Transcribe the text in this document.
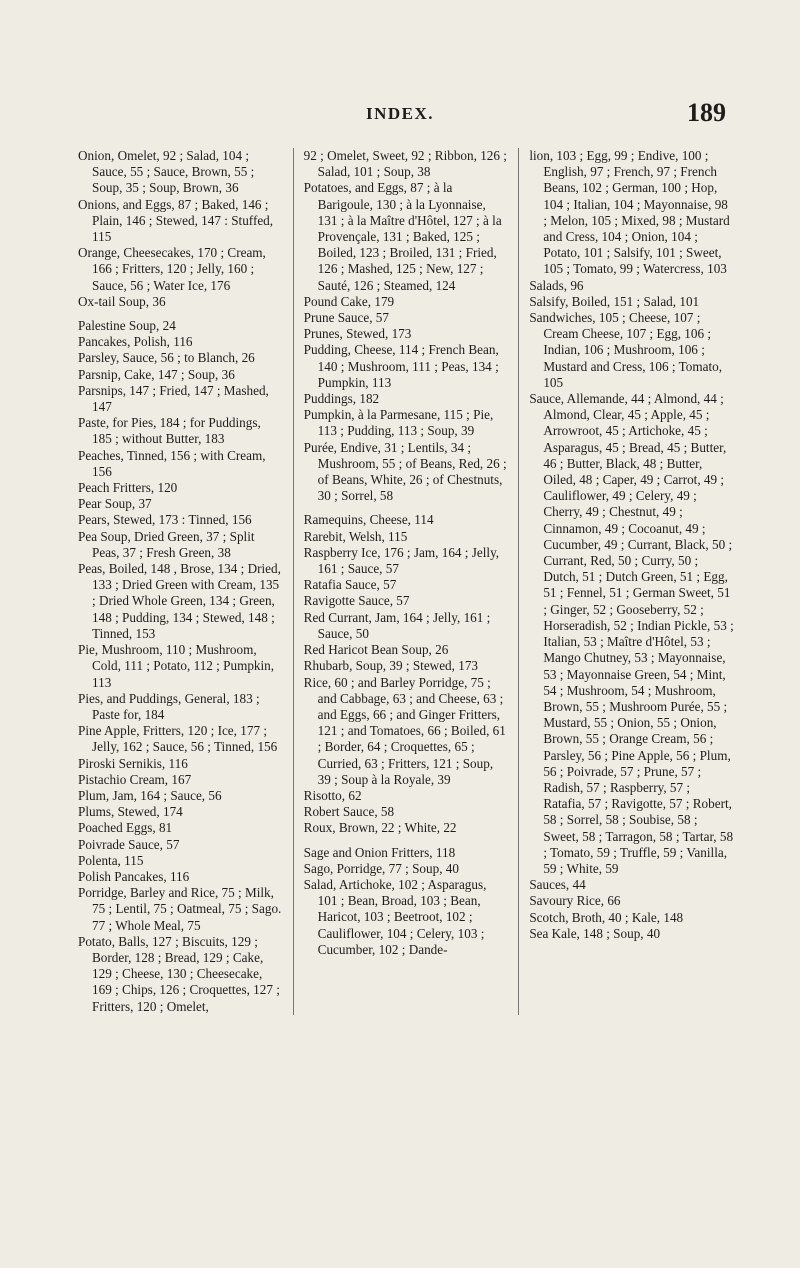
INDEX.	189

Onion, Omelet, 92 ; Salad, 104 ; Sauce, 55 ; Sauce, Brown, 55 ; Soup, 35 ; Soup, Brown, 36

Onions, and Eggs, 87 ; Baked, 146 ; Plain, 146 ; Stewed, 147 : Stuffed, 115

Orange, Cheesecakes, 170 ; Cream, 166 ; Fritters, 120 ; Jelly, 160 ; Sauce, 56 ; Water Ice, 176

Ox-tail Soup, 36

Palestine Soup, 24

Pancakes, Polish, 116

Parsley, Sauce, 56 ; to Blanch, 26

Parsnip, Cake, 147 ; Soup, 36

Parsnips, 147 ; Fried, 147 ; Mashed, 147

Paste, for Pies, 184 ; for Puddings, 185 ; without Butter, 183

Peaches, Tinned, 156 ; with Cream, 156

Peach Fritters, 120

Pear Soup, 37

Pears, Stewed, 173 : Tinned, 156

Pea Soup, Dried Green, 37 ; Split Peas, 37 ; Fresh Green, 38

Peas, Boiled, 148 , Brose, 134 ; Dried, 133 ; Dried Green with Cream, 135 ; Dried Whole Green, 134 ; Green, 148 ; Pudding, 134 ; Stewed, 148 ; Tinned, 153

Pie, Mushroom, 110 ; Mushroom, Cold, 111 ; Potato, 112 ; Pumpkin, 113

Pies, and Puddings, General, 183 ; Paste for, 184

Pine Apple, Fritters, 120 ; Ice, 177 ; Jelly, 162 ; Sauce, 56 ; Tinned, 156

Piroski Sernikis, 116

Pistachio Cream, 167

Plum, Jam, 164 ; Sauce, 56

Plums, Stewed, 174

Poached Eggs, 81

Poivrade Sauce, 57

Polenta, 115

Polish Pancakes, 116

Porridge, Barley and Rice, 75 ; Milk, 75 ; Lentil, 75 ; Oatmeal, 75 ; Sago. 77 ; Whole Meal, 75

Potato, Balls, 127 ; Biscuits, 129 ; Border, 128 ; Bread, 129 ; Cake, 129 ; Cheese, 130 ; Cheesecake, 169 ; Chips, 126 ; Croquettes, 127 ; Fritters, 120 ; Omelet,

92 ; Omelet, Sweet, 92 ; Ribbon, 126 ; Salad, 101 ; Soup, 38

Potatoes, and Eggs, 87 ; à la Barigoule, 130 ; à la Lyonnaise, 131 ; à la Maître d'Hôtel, 127 ; à la Provençale, 131 ; Baked, 125 ; Boiled, 123 ; Broiled, 131 ; Fried, 126 ; Mashed, 125 ; New, 127 ; Sauté, 126 ; Steamed, 124

Pound Cake, 179

Prune Sauce, 57

Prunes, Stewed, 173

Pudding, Cheese, 114 ; French Bean, 140 ; Mushroom, 111 ; Peas, 134 ; Pumpkin, 113

Puddings, 182

Pumpkin, à la Parmesane, 115 ; Pie, 113 ; Pudding, 113 ; Soup, 39

Purée, Endive, 31 ; Lentils, 34 ; Mushroom, 55 ; of Beans, Red, 26 ; of Beans, White, 26 ; of Chestnuts, 30 ; Sorrel, 58

Ramequins, Cheese, 114

Rarebit, Welsh, 115

Raspberry Ice, 176 ; Jam, 164 ; Jelly, 161 ; Sauce, 57

Ratafia Sauce, 57

Ravigotte Sauce, 57

Red Currant, Jam, 164 ; Jelly, 161 ; Sauce, 50

Red Haricot Bean Soup, 26

Rhubarb, Soup, 39 ; Stewed, 173

Rice, 60 ; and Barley Porridge, 75 ; and Cabbage, 63 ; and Cheese, 63 ; and Eggs, 66 ; and Ginger Fritters, 121 ; and Tomatoes, 66 ; Boiled, 61 ; Border, 64 ; Croquettes, 65 ; Curried, 63 ; Fritters, 121 ; Soup, 39 ; Soup à la Royale, 39

Risotto, 62

Robert Sauce, 58

Roux, Brown, 22 ; White, 22

Sage and Onion Fritters, 118

Sago, Porridge, 77 ; Soup, 40

Salad, Artichoke, 102 ; Asparagus, 101 ; Bean, Broad, 103 ; Bean, Haricot, 103 ; Beetroot, 102 ; Cauliflower, 104 ; Celery, 103 ; Cucumber, 102 ; Dande-

lion, 103 ; Egg, 99 ; Endive, 100 ; English, 97 ; French, 97 ; French Beans, 102 ; German, 100 ; Hop, 104 ; Italian, 104 ; Mayonnaise, 98 ; Melon, 105 ; Mixed, 98 ; Mustard and Cress, 104 ; Onion, 104 ; Potato, 101 ; Salsify, 101 ; Sweet, 105 ; Tomato, 99 ; Watercress, 103

Salads, 96

Salsify, Boiled, 151 ; Salad, 101

Sandwiches, 105 ; Cheese, 107 ; Cream Cheese, 107 ; Egg, 106 ; Indian, 106 ; Mushroom, 106 ; Mustard and Cress, 106 ; Tomato, 105

Sauce, Allemande, 44 ; Almond, 44 ; Almond, Clear, 45 ; Apple, 45 ; Arrowroot, 45 ; Artichoke, 45 ; Asparagus, 45 ; Bread, 45 ; Butter, 46 ; Butter, Black, 48 ; Butter, Oiled, 48 ; Caper, 49 ; Carrot, 49 ; Cauliflower, 49 ; Celery, 49 ; Cherry, 49 ; Chestnut, 49 ; Cinnamon, 49 ; Cocoanut, 49 ; Cucumber, 49 ; Currant, Black, 50 ; Currant, Red, 50 ; Curry, 50 ; Dutch, 51 ; Dutch Green, 51 ; Egg, 51 ; Fennel, 51 ; German Sweet, 51 ; Ginger, 52 ; Gooseberry, 52 ; Horseradish, 52 ; Indian Pickle, 53 ; Italian, 53 ; Maître d'Hôtel, 53 ; Mango Chutney, 53 ; Mayonnaise, 53 ; Mayonnaise Green, 54 ; Mint, 54 ; Mushroom, 54 ; Mushroom, Brown, 55 ; Mushroom Purée, 55 ; Mustard, 55 ; Onion, 55 ; Onion, Brown, 55 ; Orange Cream, 56 ; Parsley, 56 ; Pine Apple, 56 ; Plum, 56 ; Poivrade, 57 ; Prune, 57 ; Radish, 57 ; Raspberry, 57 ; Ratafia, 57 ; Ravigotte, 57 ; Robert, 58 ; Sorrel, 58 ; Soubise, 58 ; Sweet, 58 ; Tarragon, 58 ; Tartar, 58 ; Tomato, 59 ; Truffle, 59 ; Vanilla, 59 ; White, 59

Sauces, 44

Savoury Rice, 66

Scotch, Broth, 40 ; Kale, 148

Sea Kale, 148 ; Soup, 40
